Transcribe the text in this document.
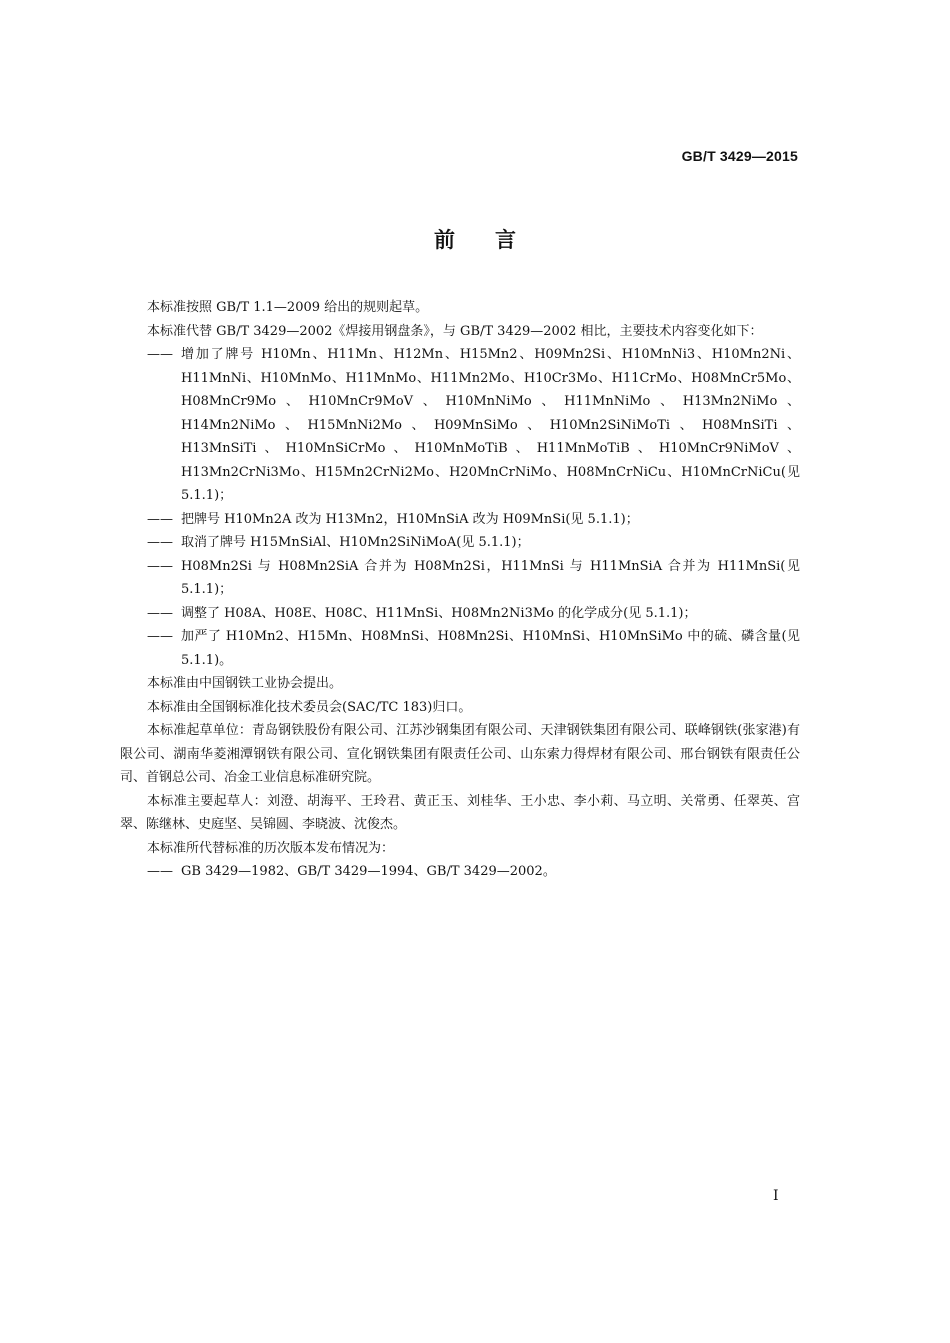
GB/T 3429—2015
前言

本标准按照 GB/T 1.1—2009 给出的规则起草。

本标准代替 GB/T 3429—2002《焊接用钢盘条》，与 GB/T 3429—2002 相比，主要技术内容变化如下：

—— 增加了牌号 H10Mn、H11Mn、H12Mn、H15Mn2、H09Mn2Si、H10MnNi3、H10Mn2Ni、H11MnNi、H10MnMo、H11MnMo、H11Mn2Mo、H10Cr3Mo、H11CrMo、H08MnCr5Mo、H08MnCr9Mo、H10MnCr9MoV、H10MnNiMo、H11MnNiMo、H13Mn2NiMo、H14Mn2NiMo、H15MnNi2Mo、H09MnSiMo、H10Mn2SiNiMoTi、H08MnSiTi、H13MnSiTi、H10MnSiCrMo、H10MnMoTiB、H11MnMoTiB、H10MnCr9NiMoV、H13Mn2CrNi3Mo、H15Mn2CrNi2Mo、H20MnCrNiMo、H08MnCrNiCu、H10MnCrNiCu(见 5.1.1)；

—— 把牌号 H10Mn2A 改为 H13Mn2，H10MnSiA 改为 H09MnSi(见 5.1.1)；

—— 取消了牌号 H15MnSiAl、H10Mn2SiNiMoA(见 5.1.1)；

—— H08Mn2Si 与 H08Mn2SiA 合并为 H08Mn2Si，H11MnSi 与 H11MnSiA 合并为 H11MnSi(见 5.1.1)；

—— 调整了 H08A、H08E、H08C、H11MnSi、H08Mn2Ni3Mo 的化学成分(见 5.1.1)；

—— 加严了 H10Mn2、H15Mn、H08MnSi、H08Mn2Si、H10MnSi、H10MnSiMo 中的硫、磷含量(见 5.1.1)。

本标准由中国钢铁工业协会提出。

本标准由全国钢标准化技术委员会(SAC/TC 183)归口。

本标准起草单位：青岛钢铁股份有限公司、江苏沙钢集团有限公司、天津钢铁集团有限公司、联峰钢铁(张家港)有限公司、湖南华菱湘潭钢铁有限公司、宣化钢铁集团有限责任公司、山东索力得焊材有限公司、邢台钢铁有限责任公司、首钢总公司、冶金工业信息标准研究院。

本标准主要起草人：刘澄、胡海平、王玲君、黄正玉、刘桂华、王小忠、李小莉、马立明、关常勇、任翠英、宫翠、陈继林、史庭坚、吴锦圆、李晓波、沈俊杰。

本标准所代替标准的历次版本发布情况为：

—— GB 3429—1982、GB/T 3429—1994、GB/T 3429—2002。

I
